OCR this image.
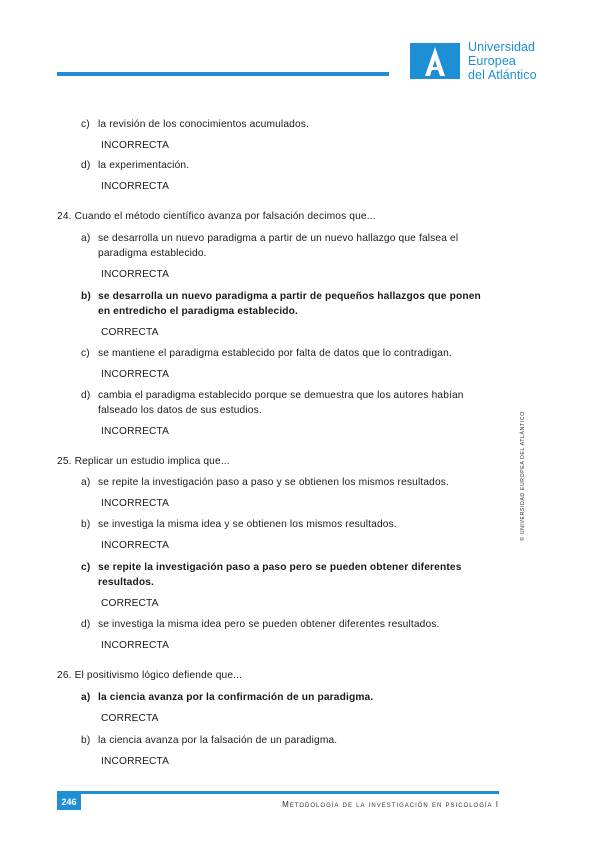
Universidad
Europea
del Atlántico
© UNIVERSIDAD EUROPEA DEL ATLÁNTICO
c) la revisión de los conocimientos acumulados.
INCORRECTA
d) la experimentación.
INCORRECTA
24. Cuando el método científico avanza por falsación decimos que...
a) se desarrolla un nuevo paradigma a partir de un nuevo hallazgo que falsea el
paradigma establecido.
INCORRECTA
b) se desarrolla un nuevo paradigma a partir de pequeños hallazgos que ponen
en entredicho el paradigma establecido.
CORRECTA
c) se mantiene el paradigma establecido por falta de datos que lo contradigan.
INCORRECTA
d) cambia el paradigma establecido porque se demuestra que los autores habían
falseado los datos de sus estudios.
INCORRECTA
25. Replicar un estudio implica que...
a) se repite la investigación paso a paso y se obtienen los mismos resultados.
INCORRECTA
b) se investiga la misma idea y se obtienen los mismos resultados.
INCORRECTA
c) se repite la investigación paso a paso pero se pueden obtener diferentes
resultados.
CORRECTA
d) se investiga la misma idea pero se pueden obtener diferentes resultados.
INCORRECTA
26. El positivismo lógico defiende que...
a) la ciencia avanza por la confirmación de un paradigma.
CORRECTA
b) la ciencia avanza por la falsación de un paradigma.
INCORRECTA
246	Metodología de la investigación en psicología I
